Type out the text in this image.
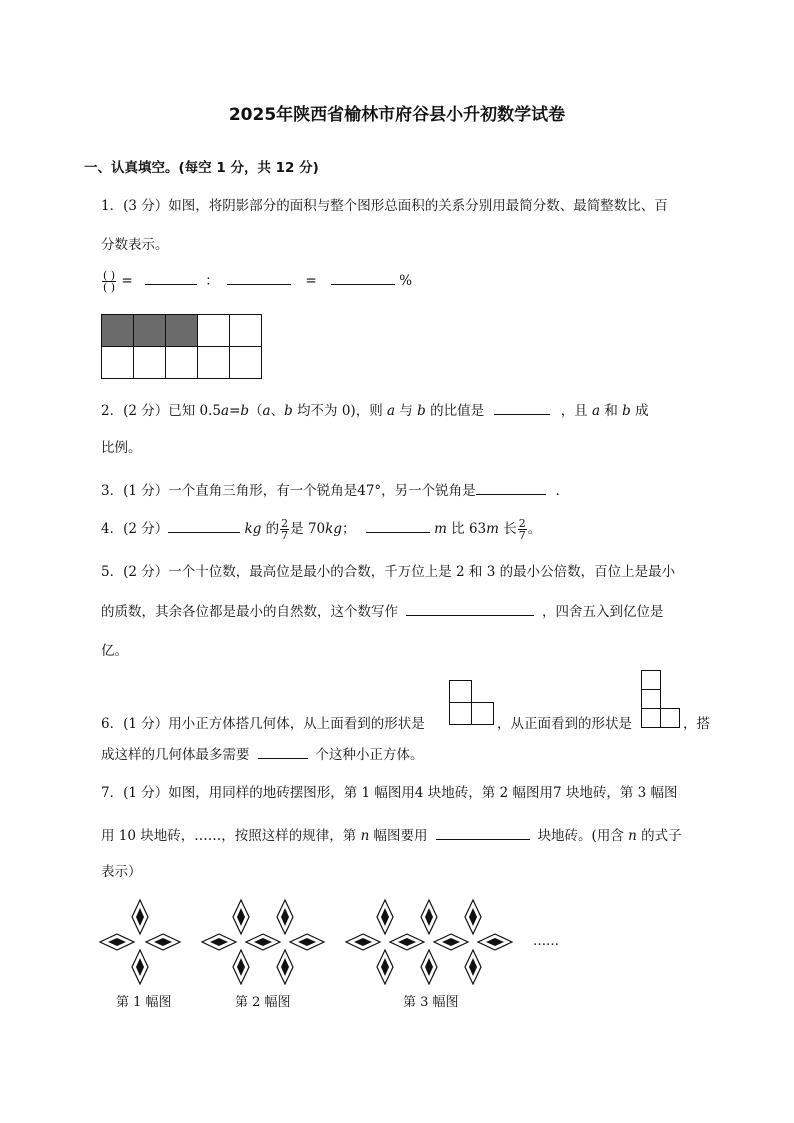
2025年陕西省榆林市府谷县小升初数学试卷
一、认真填空。(每空 1 分，共 12 分)
1．(3 分）如图，将阴影部分的面积与整个图形总面积的关系分别用最简分数、最简整数比、百
分数表示。
$\frac{( )}{( )}$ =	：	=	%

2．(2 分）已知 0.5a=b（a、b 均不为 0)，则 a 与 b 的比值是	，且 a 和 b 成
比例。
3．(1 分）一个直角三角形，有一个锐角是47°，另一个锐角是	．
4．(2 分）	kg 的 $\frac{2}{7}$ 是 70kg；	m 比 63m 长 $\frac{2}{7}$ 。
5．(2 分）一个十位数，最高位是最小的合数，千万位上是 2 和 3 的最小公倍数，百位上是最小
的质数，其余各位都是最小的自然数，这个数写作	，四舍五入到亿位是
亿。
6．(1 分）用小正方体搭几何体，从上面看到的形状是	，从正面看到的形状是	，搭
成这样的几何体最多需要	个这种小正方体。
7．(1 分）如图，用同样的地砖摆图形，第 1 幅图用4 块地砖，第 2 幅图用7 块地砖，第 3 幅图
用 10 块地砖，……，按照这样的规律，第 n 幅图要用	块地砖。(用含 n 的式子
表示）
……
第 1 幅图	第 2 幅图	第 3 幅图
